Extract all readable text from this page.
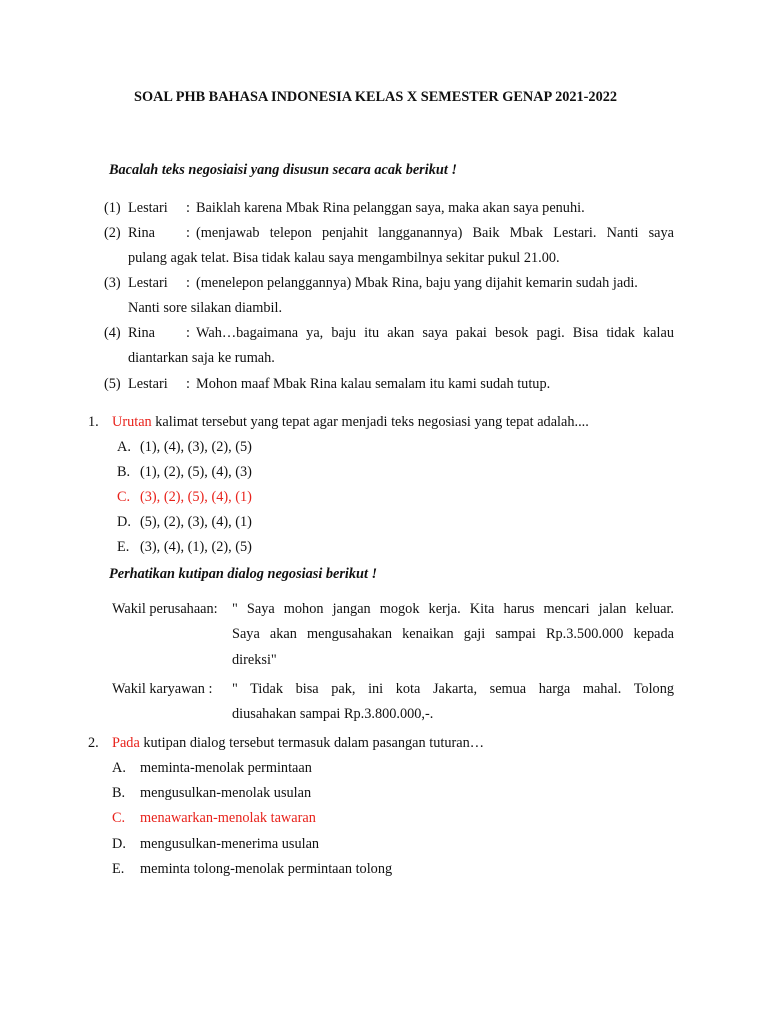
SOAL PHB BAHASA INDONESIA KELAS X SEMESTER GENAP 2021-2022
Bacalah teks negosiaisi yang disusun secara acak berikut !
(1) Lestari : Baiklah karena Mbak Rina pelanggan saya, maka akan saya penuhi.
(2) Rina : (menjawab telepon penjahit langganannya) Baik Mbak Lestari. Nanti saya
pulang agak telat. Bisa tidak kalau saya mengambilnya sekitar pukul 21.00.
(3) Lestari : (menelepon pelanggannya) Mbak Rina, baju yang dijahit kemarin sudah jadi.
Nanti sore silakan diambil.
(4) Rina : Wah…bagaimana ya, baju itu akan saya pakai besok pagi. Bisa tidak kalau
diantarkan saja ke rumah.
(5) Lestari : Mohon maaf Mbak Rina kalau semalam itu kami sudah tutup.
1. Urutan kalimat tersebut yang tepat agar menjadi teks negosiasi yang tepat adalah....
A. (1), (4), (3), (2), (5)
B. (1), (2), (5), (4), (3)
C. (3), (2), (5), (4), (1)
D. (5), (2), (3), (4), (1)
E. (3), (4), (1), (2), (5)
Perhatikan kutipan dialog negosiasi berikut !
Wakil perusahaan: " Saya mohon jangan mogok kerja. Kita harus mencari jalan keluar.
Saya akan mengusahakan kenaikan gaji sampai Rp.3.500.000 kepada
direksi"
Wakil karyawan : " Tidak bisa pak, ini kota Jakarta, semua harga mahal. Tolong
diusahakan sampai Rp.3.800.000,-.
2. Pada kutipan dialog tersebut termasuk dalam pasangan tuturan…
A. meminta-menolak permintaan
B. mengusulkan-menolak usulan
C. menawarkan-menolak tawaran
D. mengusulkan-menerima usulan
E. meminta tolong-menolak permintaan tolong
